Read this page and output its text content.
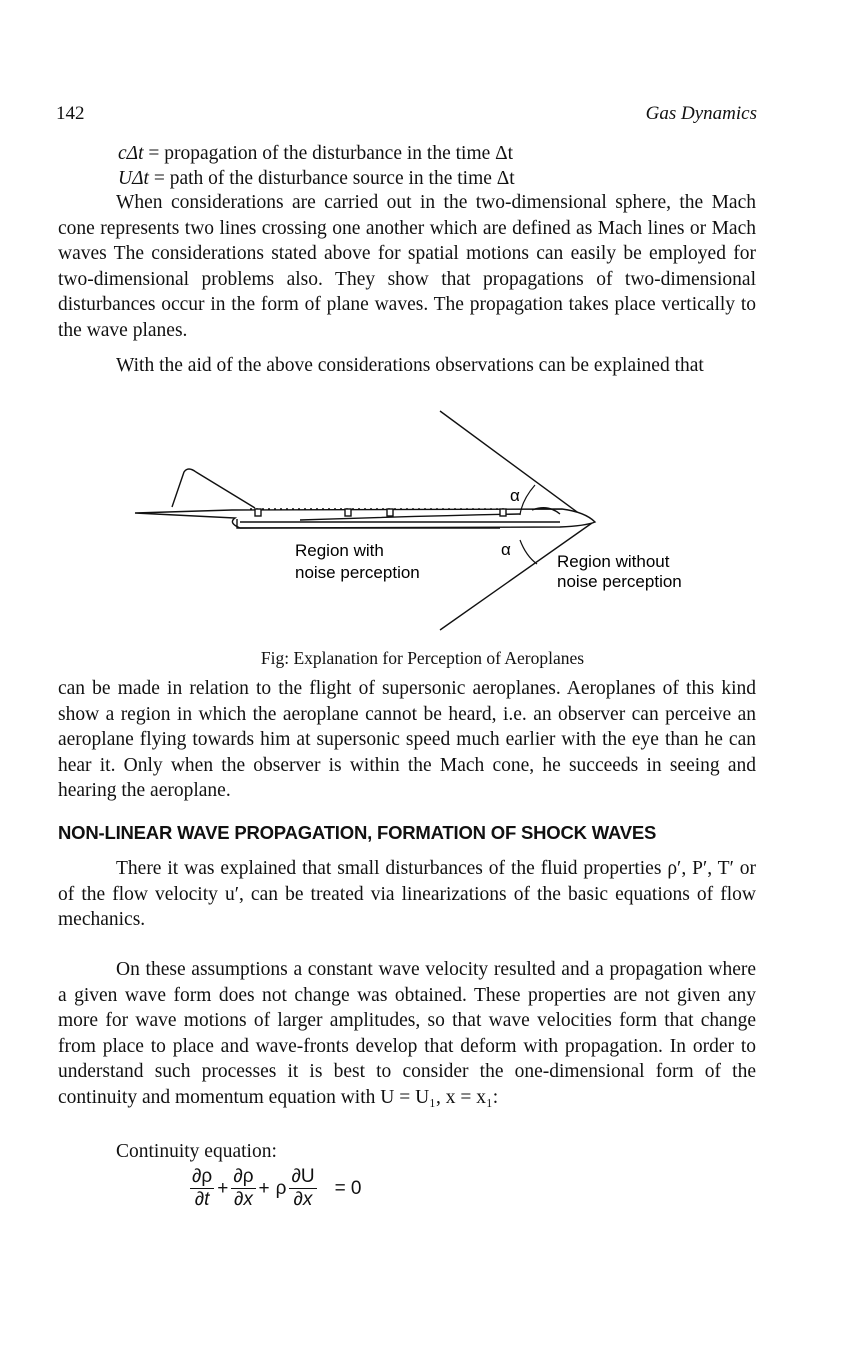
142	Gas Dynamics
cΔt = propagation of the disturbance in the time Δt
UΔt = path of the disturbance source in the time Δt

When considerations are carried out in the two-dimensional sphere, the Mach cone represents two lines crossing one another which are defined as Mach lines or Mach waves The considerations stated above for spatial motions can easily be employed for two-dimensional problems also. They show that propagations of two-dimensional disturbances occur in the form of plane waves. The propagation takes place vertically to the wave planes.

With the aid of the above considerations observations can be explained that

α
α
Region with
noise perception
Region without
noise perception
Fig: Explanation for Perception of Aeroplanes

can be made in relation to the flight of supersonic aeroplanes. Aeroplanes of this kind show a region in which the aeroplane cannot be heard, i.e. an observer can perceive an aeroplane flying towards him at supersonic speed much earlier with the eye than he can hear it. Only when the observer is within the Mach cone, he succeeds in seeing and hearing the aeroplane.

NON-LINEAR WAVE PROPAGATION, FORMATION OF SHOCK WAVES

There it was explained that small disturbances of the fluid properties ρ′, P′, T′ or of the flow velocity u′, can be treated via linearizations of the basic equations of flow mechanics.

On these assumptions a constant wave velocity resulted and a propagation where a given wave form does not change was obtained. These properties are not given any more for wave motions of larger amplitudes, so that wave velocities form that change from place to place and wave-fronts develop that deform with propagation. In order to understand such processes it is best to consider the one-dimensional form of the continuity and momentum equation with U = U₁, x = x₁:

Continuity equation:
$\frac{\partial\rho}{\partial t} + \frac{\partial\rho}{\partial x} + \rho \frac{\partial U}{\partial x} = 0$
